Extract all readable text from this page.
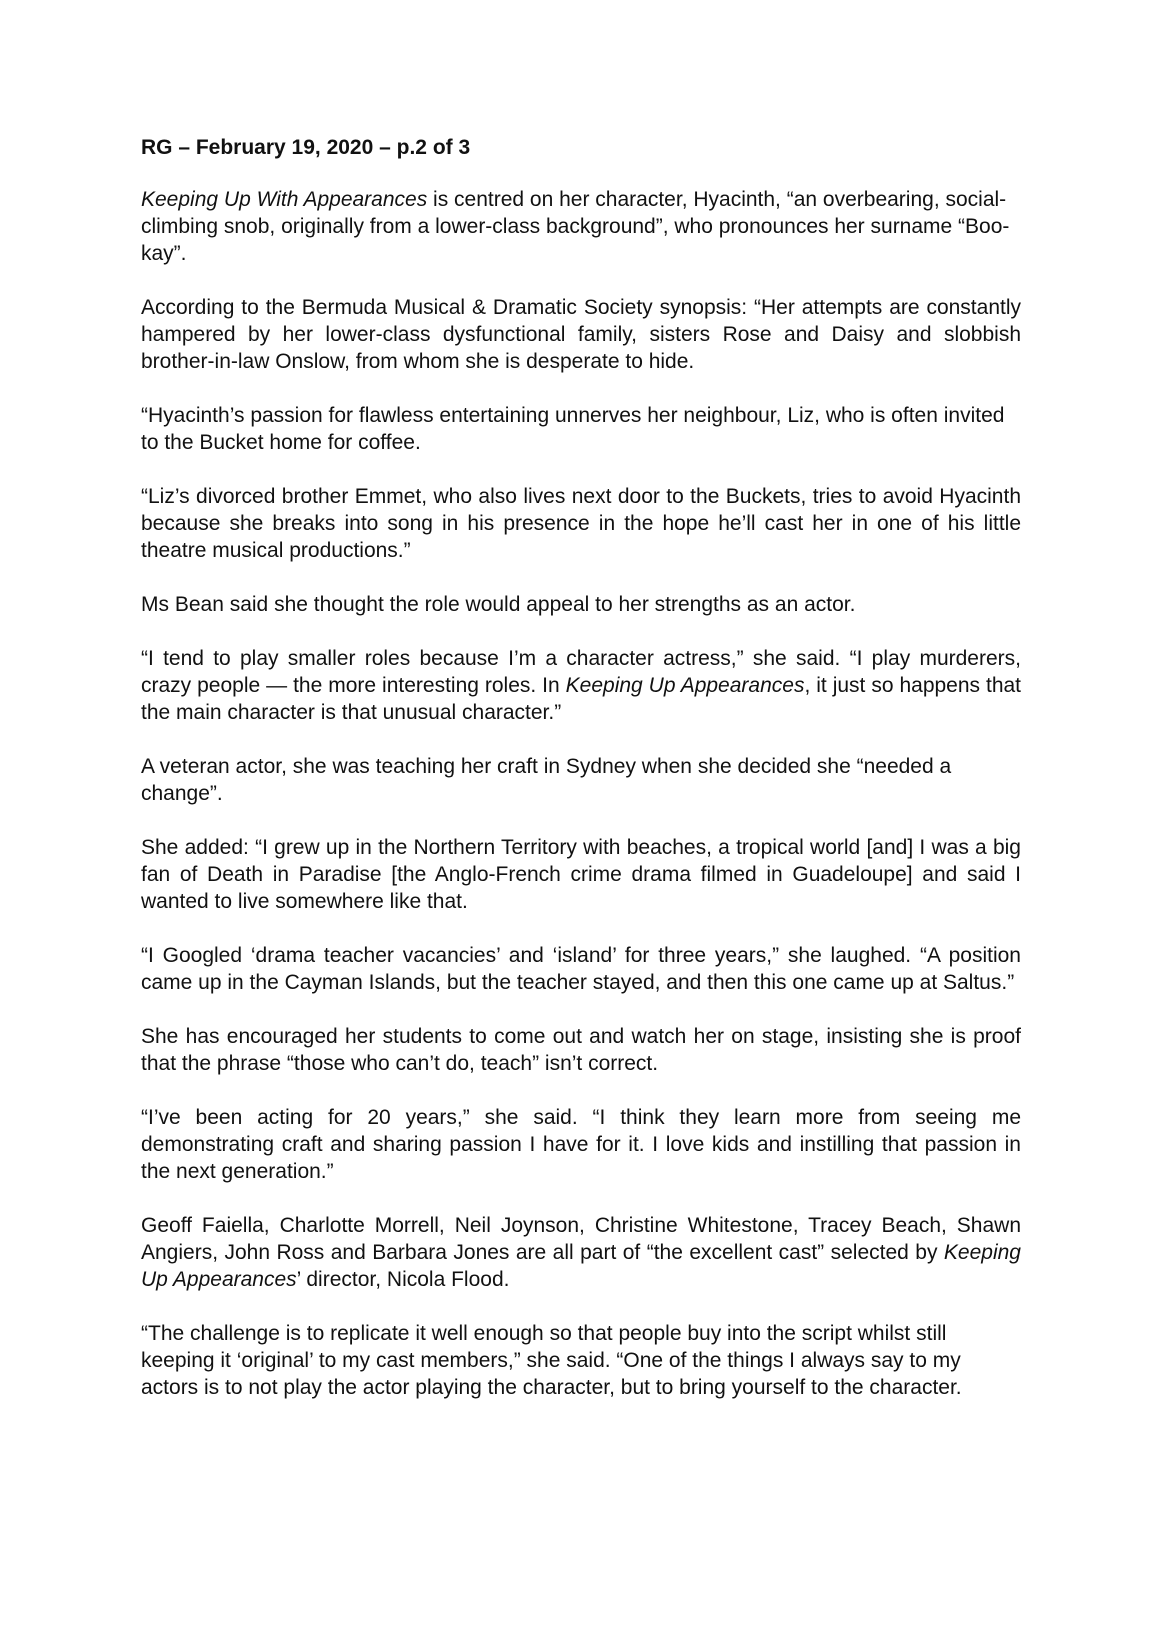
RG – February 19, 2020 – p.2 of 3

Keeping Up With Appearances is centred on her character, Hyacinth, “an overbearing, social-climbing snob, originally from a lower-class background”, who pronounces her surname “Boo-kay”.

According to the Bermuda Musical & Dramatic Society synopsis: “Her attempts are constantly hampered by her lower-class dysfunctional family, sisters Rose and Daisy and slobbish brother-in-law Onslow, from whom she is desperate to hide.

“Hyacinth’s passion for flawless entertaining unnerves her neighbour, Liz, who is often invited to the Bucket home for coffee.

“Liz’s divorced brother Emmet, who also lives next door to the Buckets, tries to avoid Hyacinth because she breaks into song in his presence in the hope he’ll cast her in one of his little theatre musical productions.”

Ms Bean said she thought the role would appeal to her strengths as an actor.

“I tend to play smaller roles because I’m a character actress,” she said. “I play murderers, crazy people — the more interesting roles. In Keeping Up Appearances, it just so happens that the main character is that unusual character.”

A veteran actor, she was teaching her craft in Sydney when she decided she “needed a change”.

She added: “I grew up in the Northern Territory with beaches, a tropical world [and] I was a big fan of Death in Paradise [the Anglo-French crime drama filmed in Guadeloupe] and said I wanted to live somewhere like that.

“I Googled ‘drama teacher vacancies’ and ‘island’ for three years,” she laughed. “A position came up in the Cayman Islands, but the teacher stayed, and then this one came up at Saltus.”

She has encouraged her students to come out and watch her on stage, insisting she is proof that the phrase “those who can’t do, teach” isn’t correct.

“I’ve been acting for 20 years,” she said. “I think they learn more from seeing me demonstrating craft and sharing passion I have for it. I love kids and instilling that passion in the next generation.”

Geoff Faiella, Charlotte Morrell, Neil Joynson, Christine Whitestone, Tracey Beach, Shawn Angiers, John Ross and Barbara Jones are all part of “the excellent cast” selected by Keeping Up Appearances’ director, Nicola Flood.

“The challenge is to replicate it well enough so that people buy into the script whilst still keeping it ‘original’ to my cast members,” she said. “One of the things I always say to my actors is to not play the actor playing the character, but to bring yourself to the character.
